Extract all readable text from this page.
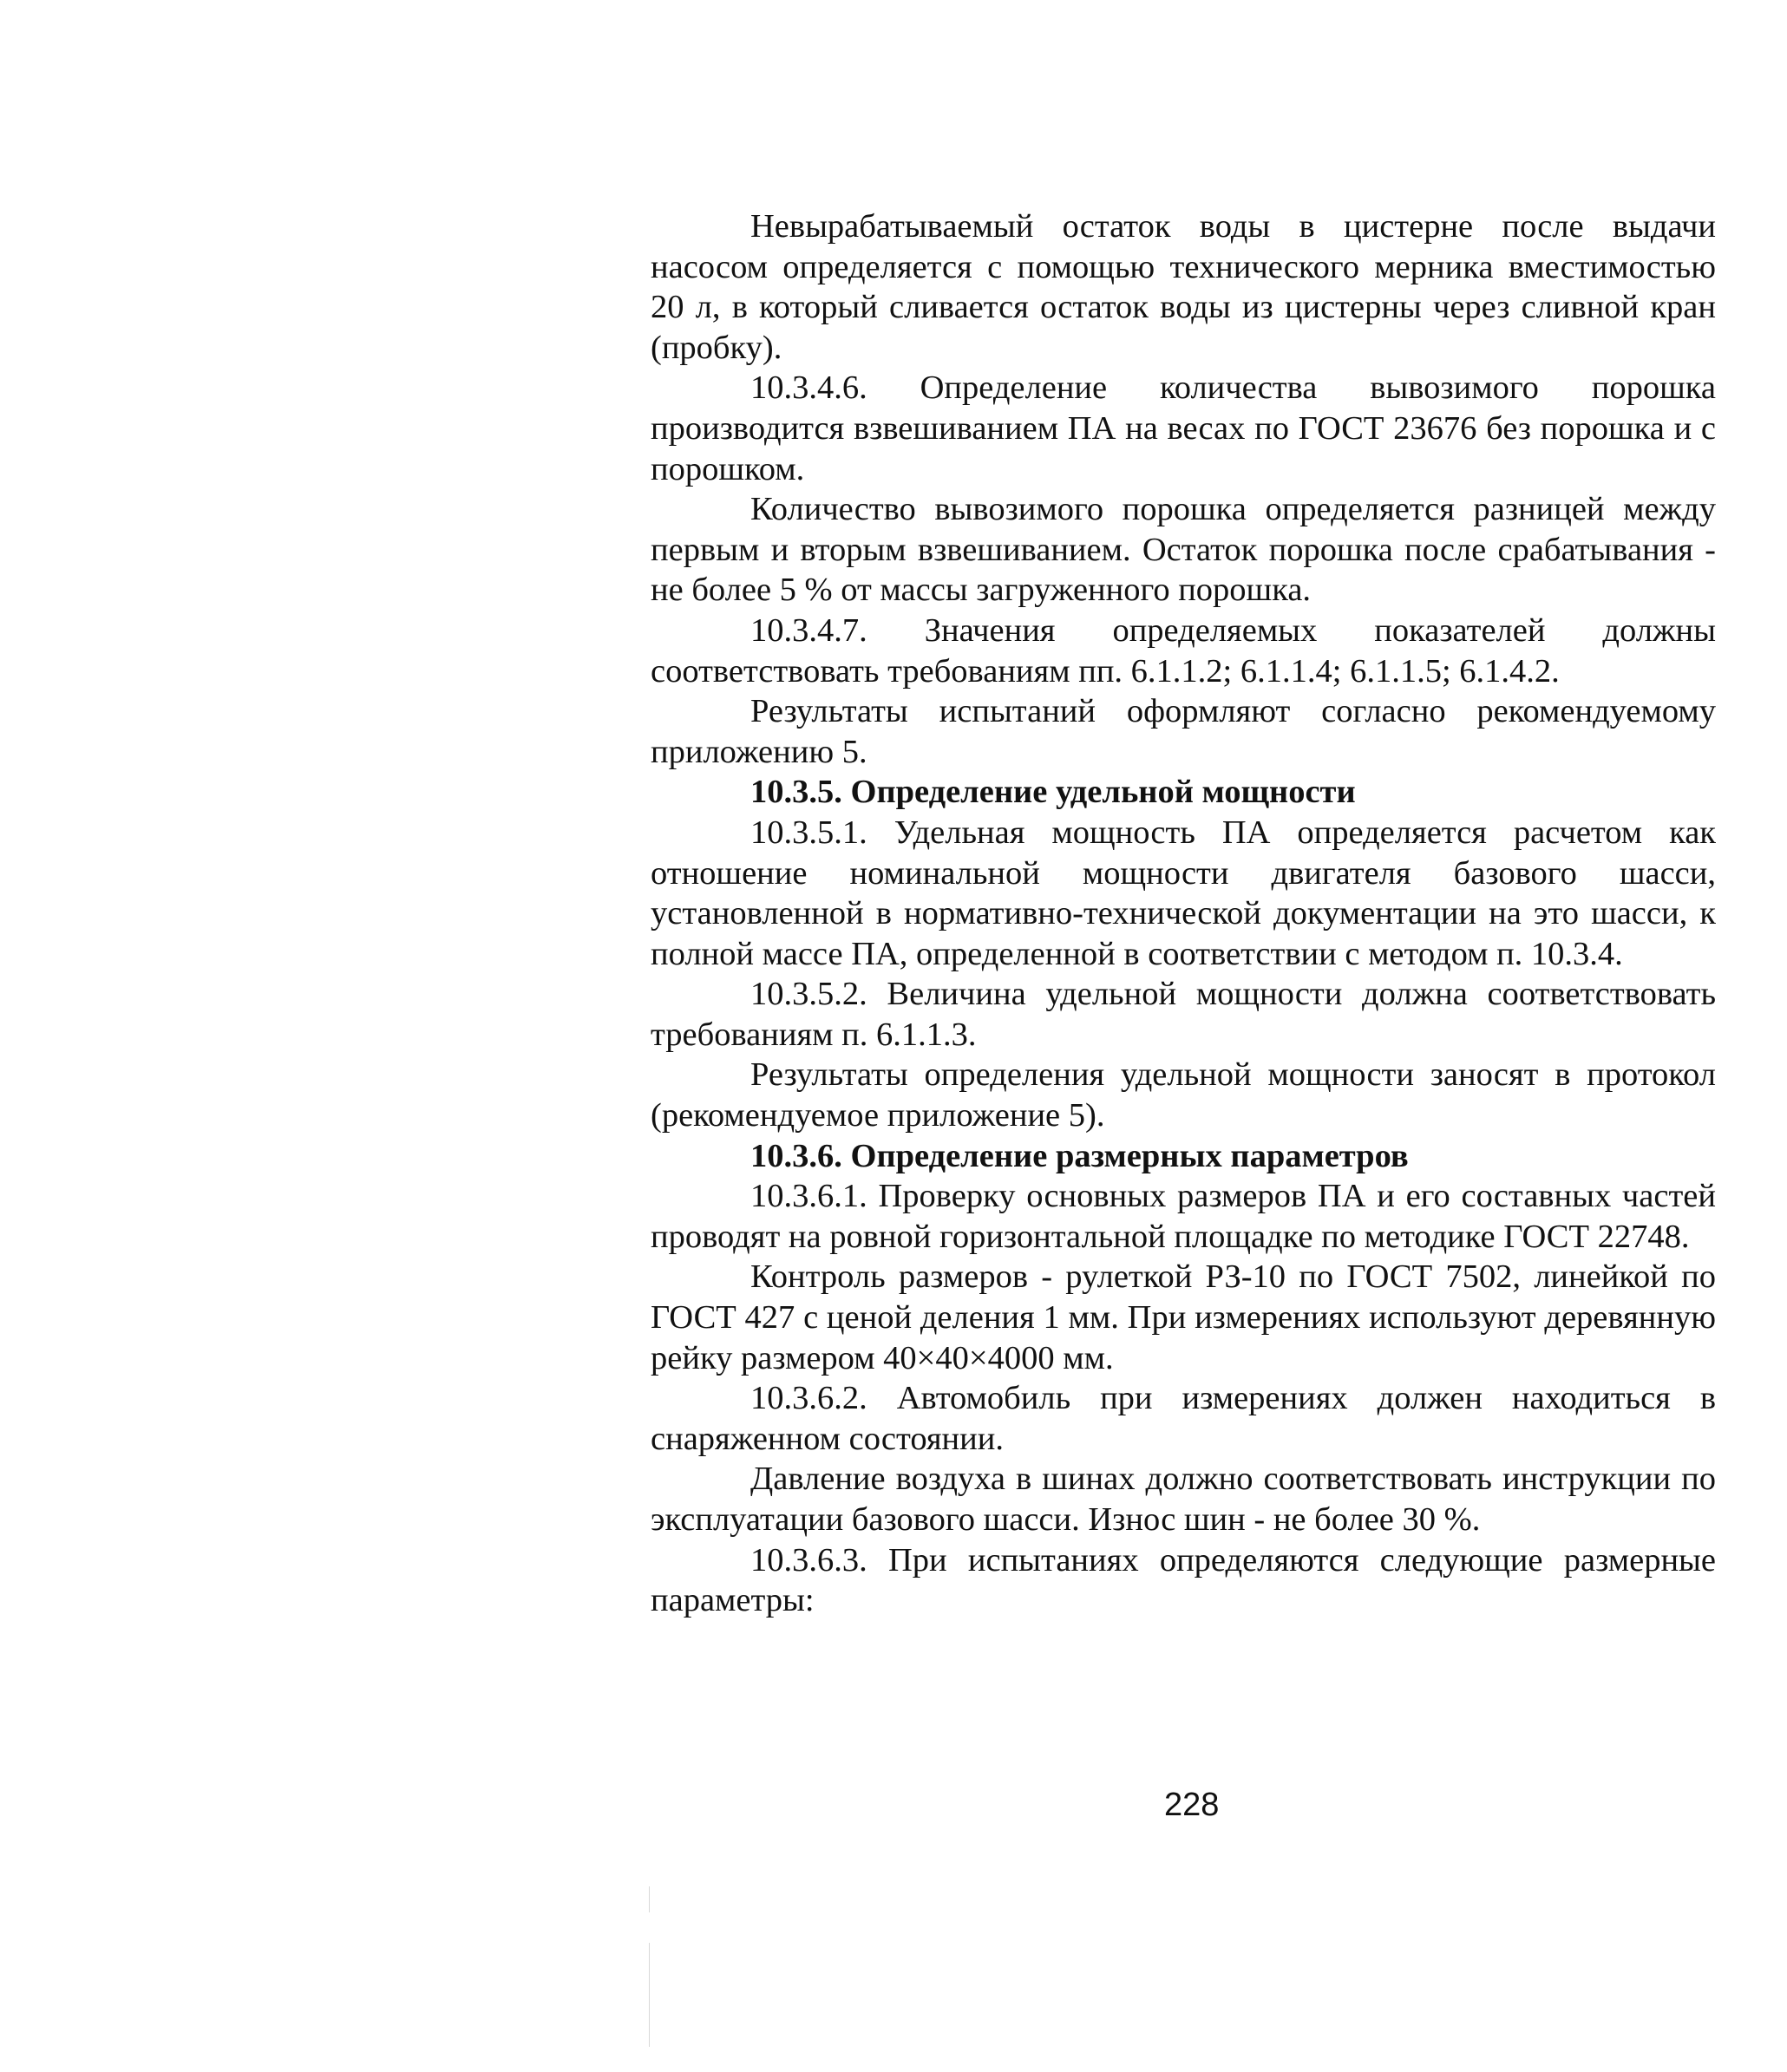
Невырабатываемый остаток воды в цистерне после выдачи насосом определяется с помощью технического мерника вместимостью 20 л, в который сливается остаток воды из цистерны через сливной кран (пробку).

10.3.4.6. Определение количества вывозимого порошка производится взвешиванием ПА на весах по ГОСТ 23676 без порошка и с порошком.

Количество вывозимого порошка определяется разницей между первым и вторым взвешиванием. Остаток порошка после срабатывания - не более 5 % от массы загруженного порошка.

10.3.4.7. Значения определяемых показателей должны соответствовать требованиям пп. 6.1.1.2; 6.1.1.4; 6.1.1.5; 6.1.4.2.

Результаты испытаний оформляют согласно рекомендуемому приложению 5.

10.3.5. Определение удельной мощности

10.3.5.1. Удельная мощность ПА определяется расчетом как отношение номинальной мощности двигателя базового шасси, установленной в нормативно-технической документации на это шасси, к полной массе ПА, определенной в соответствии с методом п. 10.3.4.

10.3.5.2. Величина удельной мощности должна соответствовать требованиям п. 6.1.1.3.

Результаты определения удельной мощности заносят в протокол (рекомендуемое приложение 5).

10.3.6. Определение размерных параметров

10.3.6.1. Проверку основных размеров ПА и его составных частей проводят на ровной горизонтальной площадке по методике ГОСТ 22748.

Контроль размеров - рулеткой РЗ-10 по ГОСТ 7502, линейкой по ГОСТ 427 с ценой деления 1 мм. При измерениях используют деревянную рейку размером 40×40×4000 мм.

10.3.6.2. Автомобиль при измерениях должен находиться в снаряженном состоянии.

Давление воздуха в шинах должно соответствовать инструкции по эксплуатации базового шасси. Износ шин - не более 30 %.

10.3.6.3. При испытаниях определяются следующие размерные параметры:

228
